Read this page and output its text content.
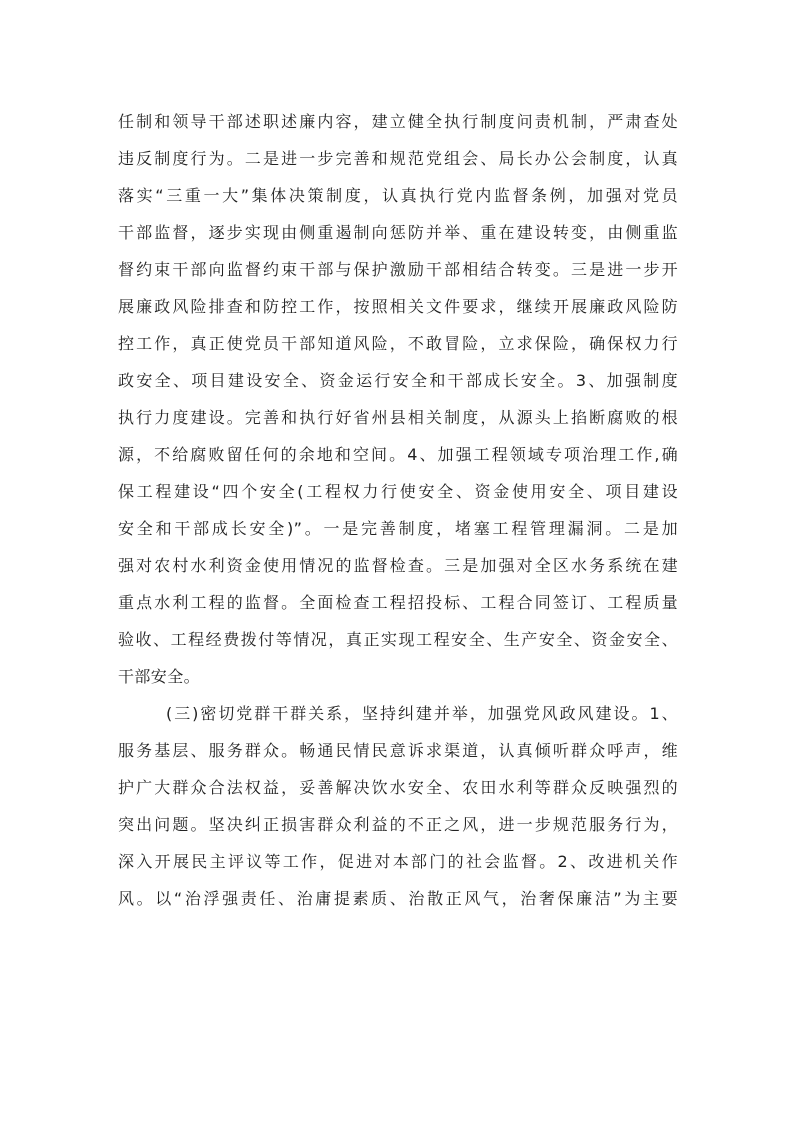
任制和领导干部述职述廉内容，建立健全执行制度问责机制，严肃查处
违反制度行为。二是进一步完善和规范党组会、局长办公会制度，认真
落实“三重一大”集体决策制度，认真执行党内监督条例，加强对党员
干部监督，逐步实现由侧重遏制向惩防并举、重在建设转变，由侧重监
督约束干部向监督约束干部与保护激励干部相结合转变。三是进一步开
展廉政风险排查和防控工作，按照相关文件要求，继续开展廉政风险防
控工作，真正使党员干部知道风险，不敢冒险，立求保险，确保权力行
政安全、项目建设安全、资金运行安全和干部成长安全。3、加强制度
执行力度建设。完善和执行好省州县相关制度，从源头上掐断腐败的根
源，不给腐败留任何的余地和空间。4、加强工程领域专项治理工作,确
保工程建设“四个安全(工程权力行使安全、资金使用安全、项目建设
安全和干部成长安全)”。一是完善制度，堵塞工程管理漏洞。二是加
强对农村水利资金使用情况的监督检查。三是加强对全区水务系统在建
重点水利工程的监督。全面检查工程招投标、工程合同签订、工程质量
验收、工程经费拨付等情况，真正实现工程安全、生产安全、资金安全、
干部安全。
(三)密切党群干群关系，坚持纠建并举，加强党风政风建设。1、
服务基层、服务群众。畅通民情民意诉求渠道，认真倾听群众呼声，维
护广大群众合法权益，妥善解决饮水安全、农田水利等群众反映强烈的
突出问题。坚决纠正损害群众利益的不正之风，进一步规范服务行为，
深入开展民主评议等工作，促进对本部门的社会监督。2、改进机关作
风。以“治浮强责任、治庸提素质、治散正风气，治奢保廉洁”为主要
